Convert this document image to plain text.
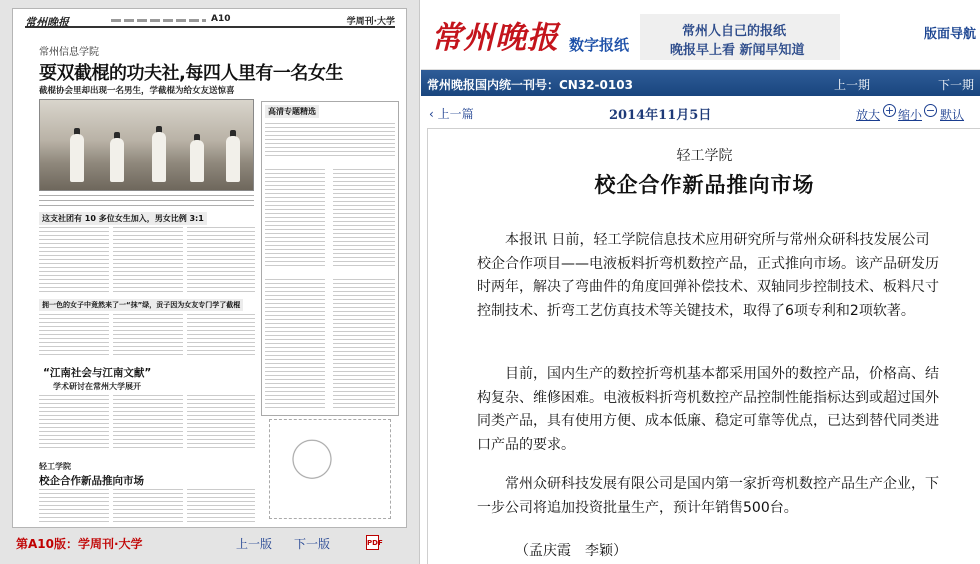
常州晚报	A10	学周刊·大学
常州信息学院
耍双截棍的功夫社,每四人里有一名女生
截棍协会里却出现一名男生，学截棍为给女友送惊喜
高清专题精选
这支社团有 10 多位女生加入，男女比例 3:1
拥一色的女子中竟然来了一“抹”绿，贡子因为女友专门学了截棍
“江南社会与江南文献”
学术研讨在常州大学展开
轻工学院
校企合作新品推向市场
第A10版：学周刊·大学	上一版 下一版	PDF
常州晚报 数字报纸
常州人自己的报纸
晚报早上看 新闻早知道
版面导航
常州晚报国内统一刊号：CN32-0103	上一期	下一期
‹ 上一篇	2014年11月5日	放大 + 缩小 − 默认
轻工学院
校企合作新品推向市场

本报讯 日前，轻工学院信息技术应用研究所与常州众研科技发展公司校企合作项目——电液板料折弯机数控产品，正式推向市场。该产品研发历时两年，解决了弯曲件的角度回弹补偿技术、双轴同步控制技术、板料尺寸控制技术、折弯工艺仿真技术等关键技术，取得了6项专利和2项软著。

目前，国内生产的数控折弯机基本都采用国外的数控产品，价格高、结构复杂、维修困难。电液板料折弯机数控产品控制性能指标达到或超过国外同类产品，具有使用方便、成本低廉、稳定可靠等优点，已达到替代同类进口产品的要求。

常州众研科技发展有限公司是国内第一家折弯机数控产品生产企业，下一步公司将追加投资批量生产，预计年销售500台。

（孟庆霞　李颖）
